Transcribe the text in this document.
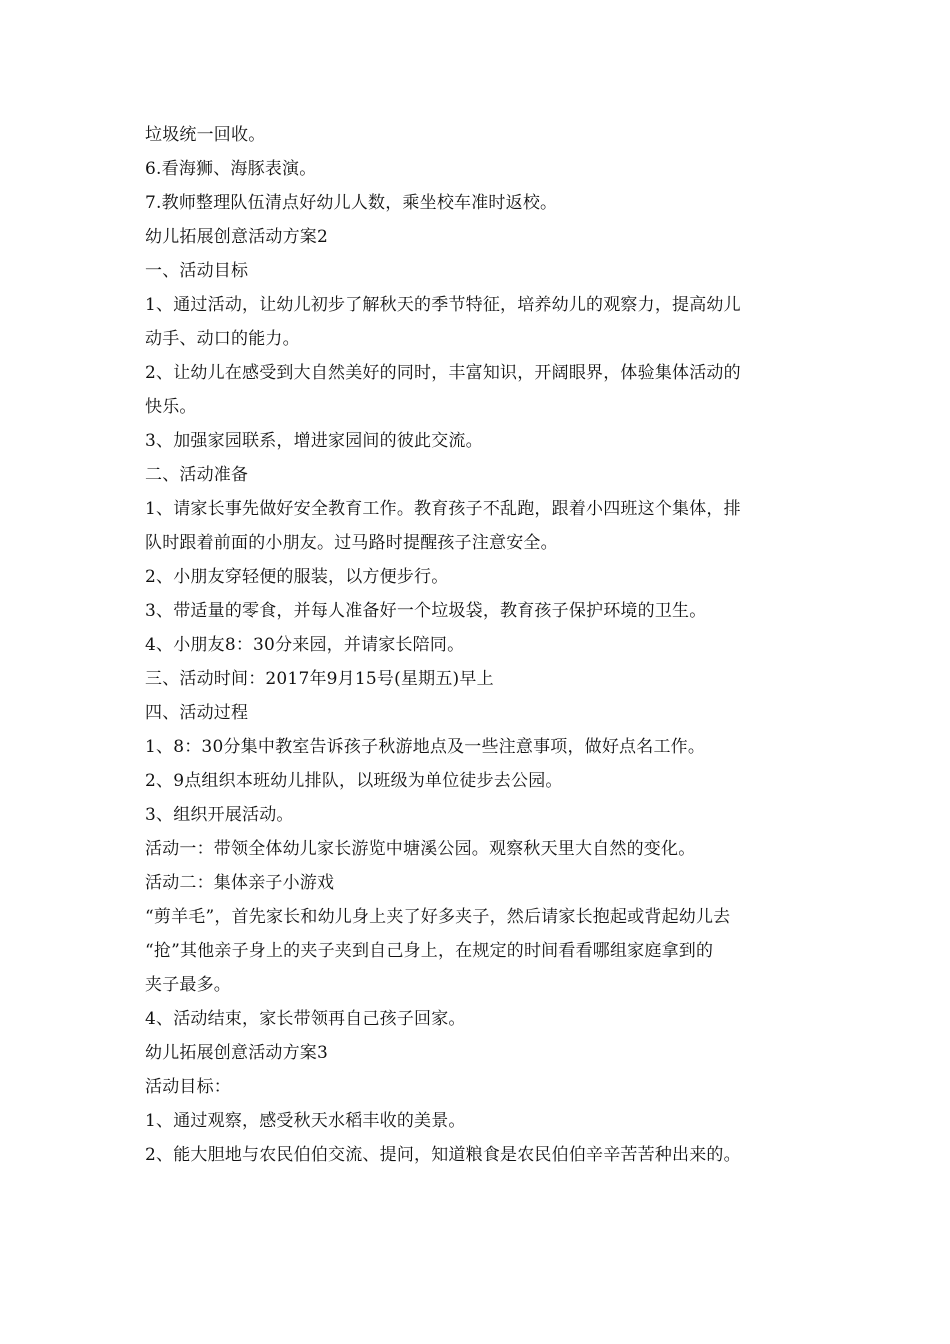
垃圾统一回收。
6.看海狮、海豚表演。
7.教师整理队伍清点好幼儿人数，乘坐校车准时返校。
幼儿拓展创意活动方案2
一、活动目标
1、通过活动，让幼儿初步了解秋天的季节特征，培养幼儿的观察力，提高幼儿
动手、动口的能力。
2、让幼儿在感受到大自然美好的同时，丰富知识，开阔眼界，体验集体活动的
快乐。
3、加强家园联系，增进家园间的彼此交流。
二、活动准备
1、请家长事先做好安全教育工作。教育孩子不乱跑，跟着小四班这个集体，排
队时跟着前面的小朋友。过马路时提醒孩子注意安全。
2、小朋友穿轻便的服装，以方便步行。
3、带适量的零食，并每人准备好一个垃圾袋，教育孩子保护环境的卫生。
4、小朋友8：30分来园，并请家长陪同。
三、活动时间：2017年9月15号(星期五)早上
四、活动过程
1、8：30分集中教室告诉孩子秋游地点及一些注意事项，做好点名工作。
2、9点组织本班幼儿排队，以班级为单位徒步去公园。
3、组织开展活动。
活动一：带领全体幼儿家长游览中塘溪公园。观察秋天里大自然的变化。
活动二：集体亲子小游戏
“剪羊毛”，首先家长和幼儿身上夹了好多夹子，然后请家长抱起或背起幼儿去
“抢”其他亲子身上的夹子夹到自己身上，在规定的时间看看哪组家庭拿到的
夹子最多。
4、活动结束，家长带领再自己孩子回家。
幼儿拓展创意活动方案3
活动目标：
1、通过观察，感受秋天水稻丰收的美景。
2、能大胆地与农民伯伯交流、提问，知道粮食是农民伯伯辛辛苦苦种出来的。
